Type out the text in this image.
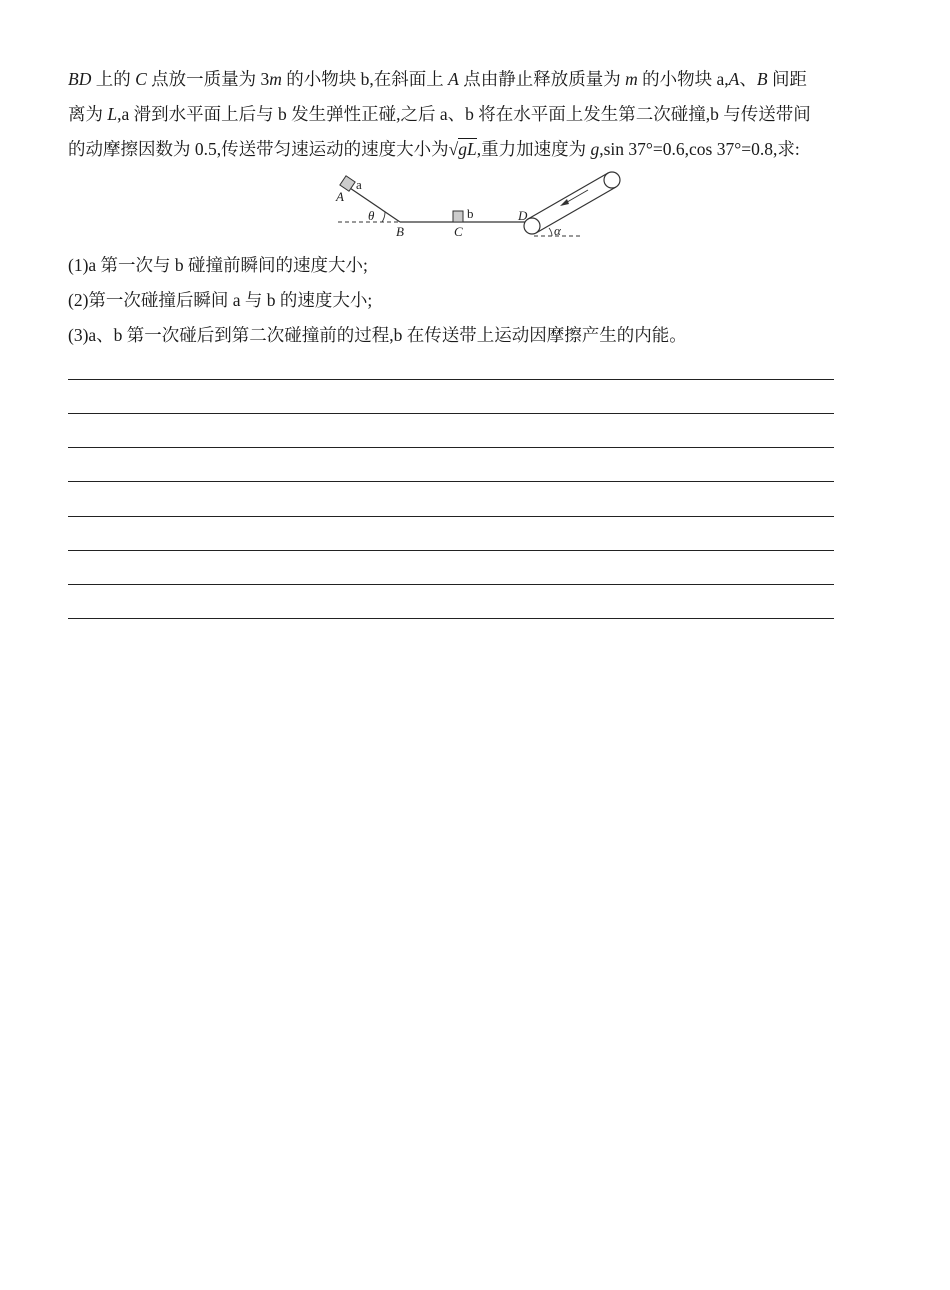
BD 上的 C 点放一质量为 3m 的小物块 b,在斜面上 A 点由静止释放质量为 m 的小物块 a,A、B 间距
离为 L,a 滑到水平面上后与 b 发生弹性正碰,之后 a、b 将在水平面上发生第二次碰撞,b 与传送带间
的动摩擦因数为 0.5,传送带匀速运动的速度大小为√gL,重力加速度为 g,sin 37°=0.6,cos 37°=0.8,求:
A
a
θ
B	C
b	D
α
(1)a 第一次与 b 碰撞前瞬间的速度大小;
(2)第一次碰撞后瞬间 a 与 b 的速度大小;
(3)a、b 第一次碰后到第二次碰撞前的过程,b 在传送带上运动因摩擦产生的内能。
